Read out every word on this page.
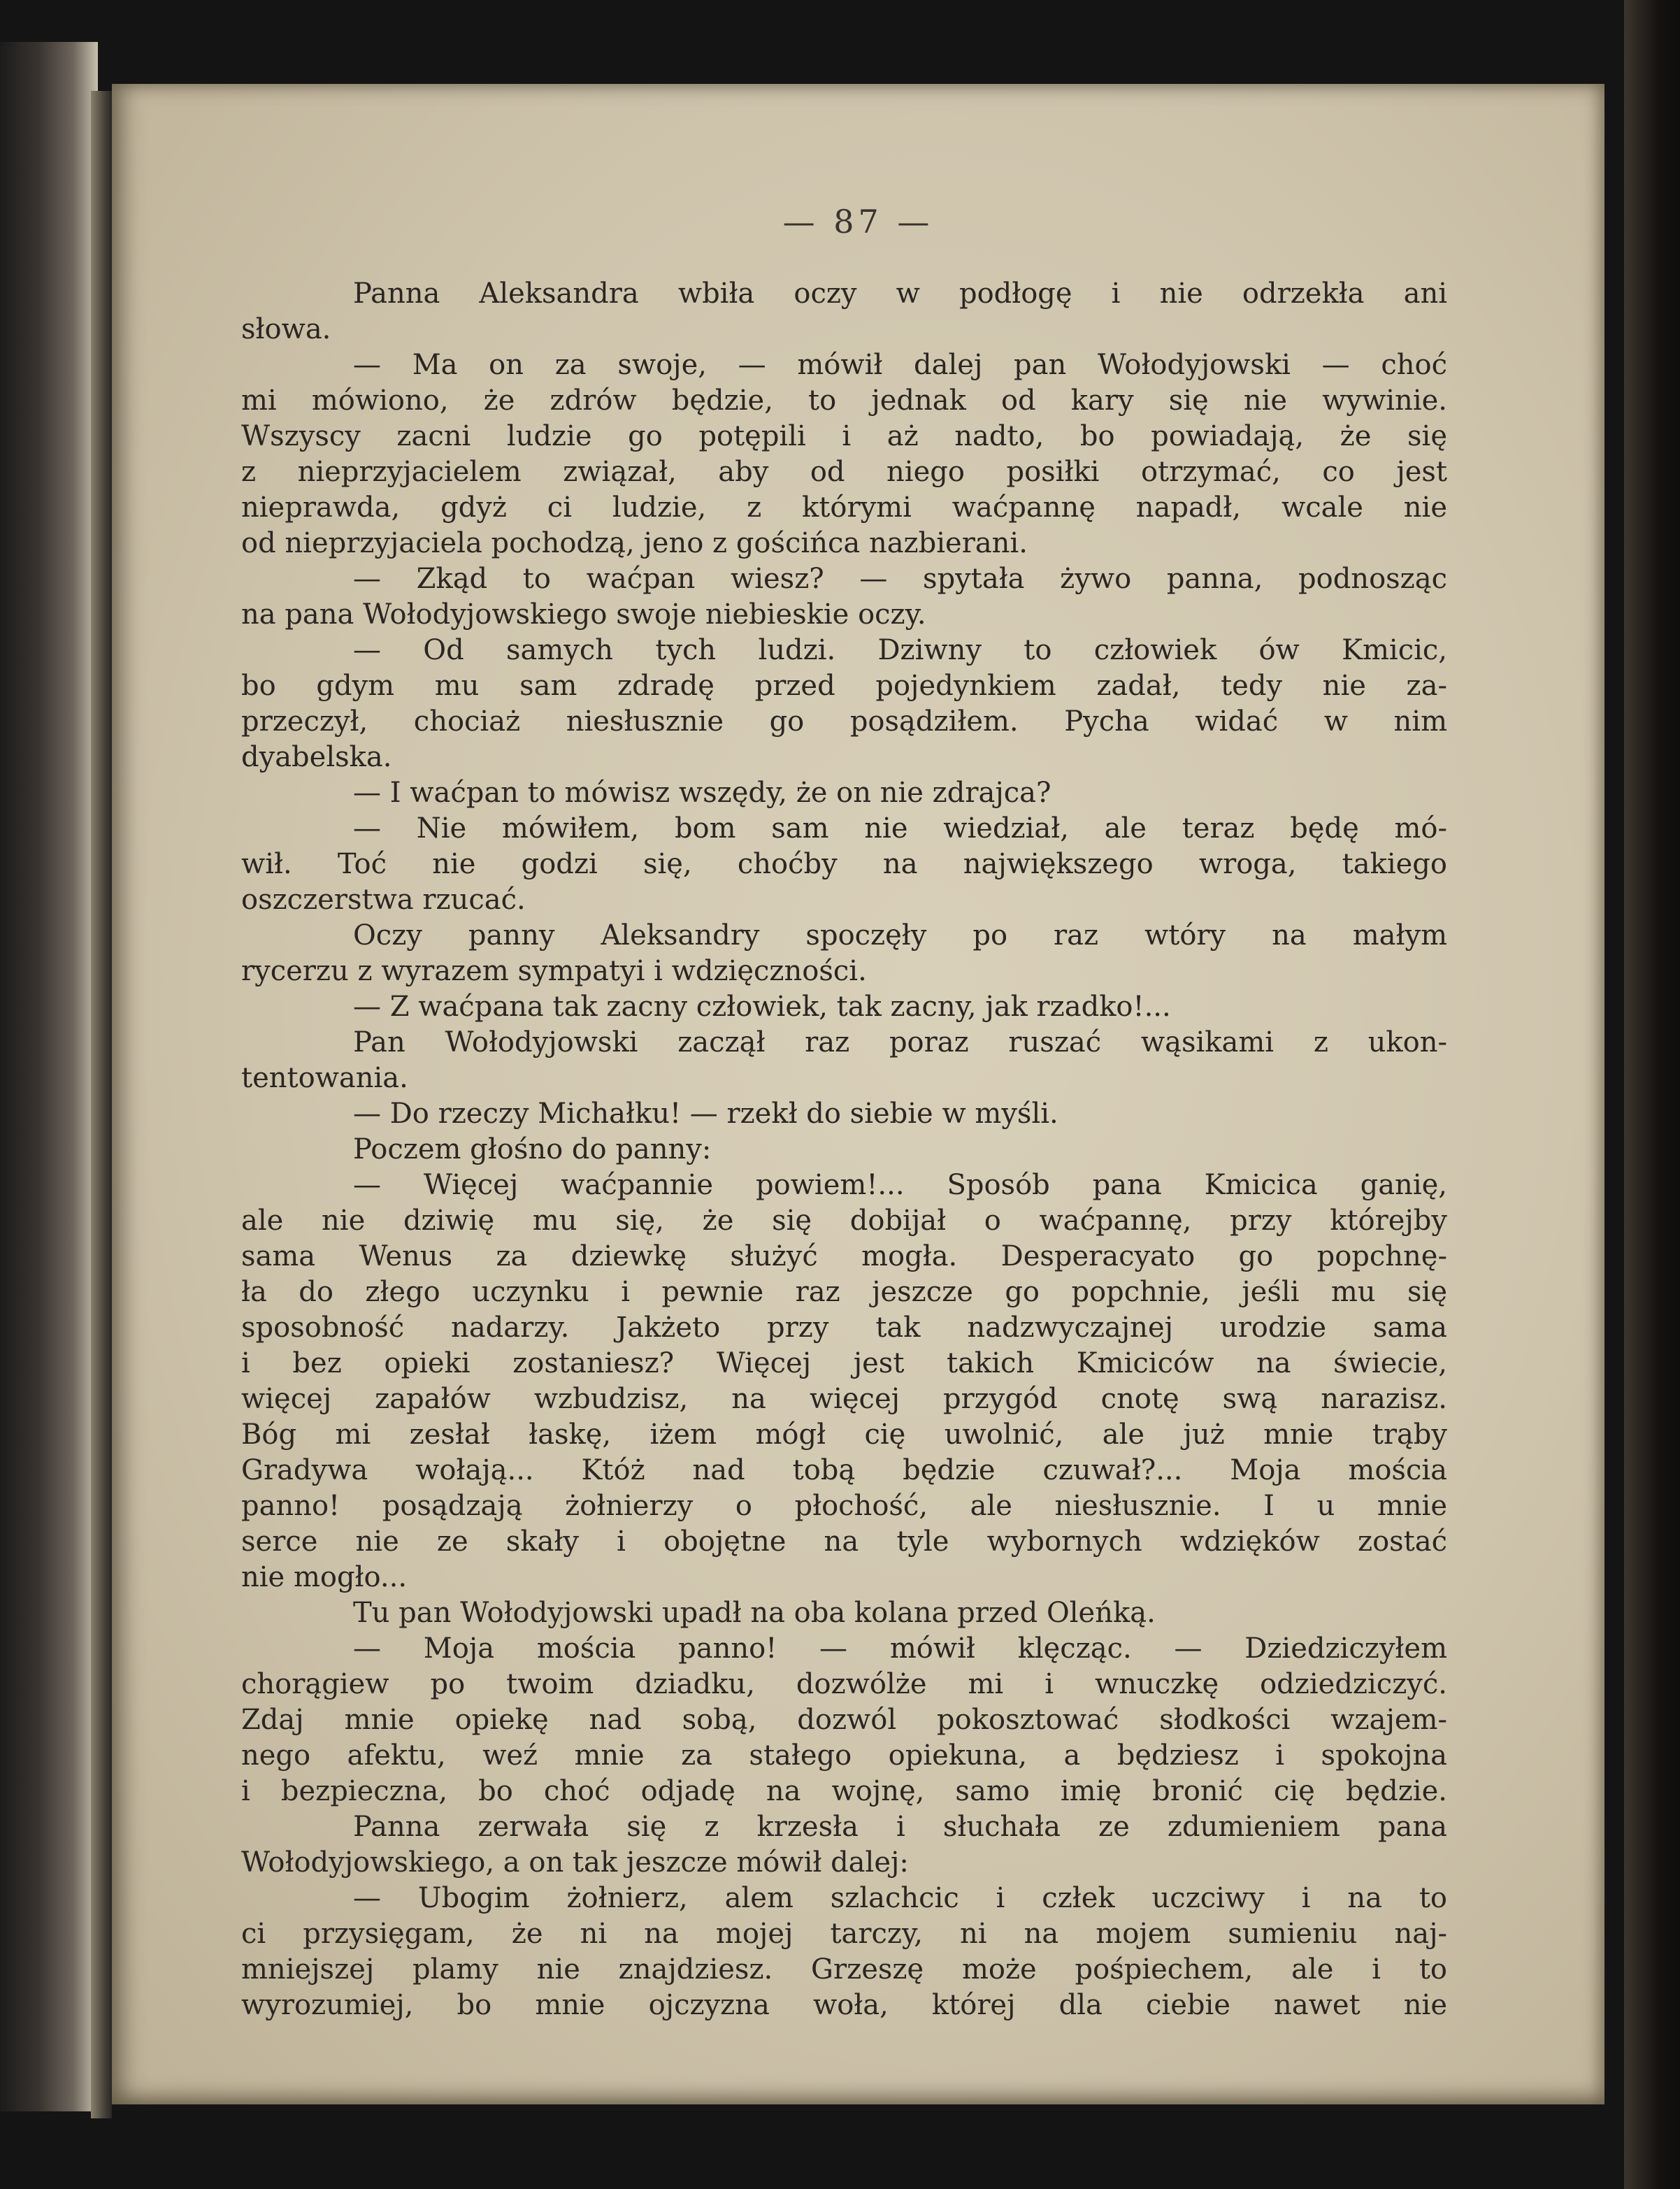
— 87 —
Panna Aleksandra wbiła oczy w podłogę i nie odrzekła ani
słowa.
— Ma on za swoje, — mówił dalej pan Wołodyjowski — choć
mi mówiono, że zdrów będzie, to jednak od kary się nie wywinie.
Wszyscy zacni ludzie go potępili i aż nadto, bo powiadają, że się
z nieprzyjacielem związał, aby od niego posiłki otrzymać, co jest
nieprawda, gdyż ci ludzie, z którymi waćpannę napadł, wcale nie
od nieprzyjaciela pochodzą, jeno z gościńca nazbierani.
— Zkąd to waćpan wiesz? — spytała żywo panna, podnosząc
na pana Wołodyjowskiego swoje niebieskie oczy.
— Od samych tych ludzi. Dziwny to człowiek ów Kmicic,
bo gdym mu sam zdradę przed pojedynkiem zadał, tedy nie za-
przeczył, chociaż niesłusznie go posądziłem. Pycha widać w nim
dyabelska.
— I waćpan to mówisz wszędy, że on nie zdrajca?
— Nie mówiłem, bom sam nie wiedział, ale teraz będę mó-
wił. Toć nie godzi się, choćby na największego wroga, takiego
oszczerstwa rzucać.
Oczy panny Aleksandry spoczęły po raz wtóry na małym
rycerzu z wyrazem sympatyi i wdzięczności.
— Z waćpana tak zacny człowiek, tak zacny, jak rzadko!...
Pan Wołodyjowski zaczął raz poraz ruszać wąsikami z ukon-
tentowania.
— Do rzeczy Michałku! — rzekł do siebie w myśli.
Poczem głośno do panny:
— Więcej waćpannie powiem!... Sposób pana Kmicica ganię,
ale nie dziwię mu się, że się dobijał o waćpannę, przy którejby
sama Wenus za dziewkę służyć mogła. Desperacyato go popchnę-
ła do złego uczynku i pewnie raz jeszcze go popchnie, jeśli mu się
sposobność nadarzy. Jakżeto przy tak nadzwyczajnej urodzie sama
i bez opieki zostaniesz? Więcej jest takich Kmiciców na świecie,
więcej zapałów wzbudzisz, na więcej przygód cnotę swą narazisz.
Bóg mi zesłał łaskę, iżem mógł cię uwolnić, ale już mnie trąby
Gradywa wołają... Któż nad tobą będzie czuwał?... Moja mościa
panno! posądzają żołnierzy o płochość, ale niesłusznie. I u mnie
serce nie ze skały i obojętne na tyle wybornych wdzięków zostać
nie mogło...
Tu pan Wołodyjowski upadł na oba kolana przed Oleńką.
— Moja mościa panno! — mówił klęcząc. — Dziedziczyłem
chorągiew po twoim dziadku, dozwólże mi i wnuczkę odziedziczyć.
Zdaj mnie opiekę nad sobą, dozwól pokosztować słodkości wzajem-
nego afektu, weź mnie za stałego opiekuna, a będziesz i spokojna
i bezpieczna, bo choć odjadę na wojnę, samo imię bronić cię będzie.
Panna zerwała się z krzesła i słuchała ze zdumieniem pana
Wołodyjowskiego, a on tak jeszcze mówił dalej:
— Ubogim żołnierz, alem szlachcic i człek uczciwy i na to
ci przysięgam, że ni na mojej tarczy, ni na mojem sumieniu naj-
mniejszej plamy nie znajdziesz. Grzeszę może pośpiechem, ale i to
wyrozumiej, bo mnie ojczyzna woła, której dla ciebie nawet nie
